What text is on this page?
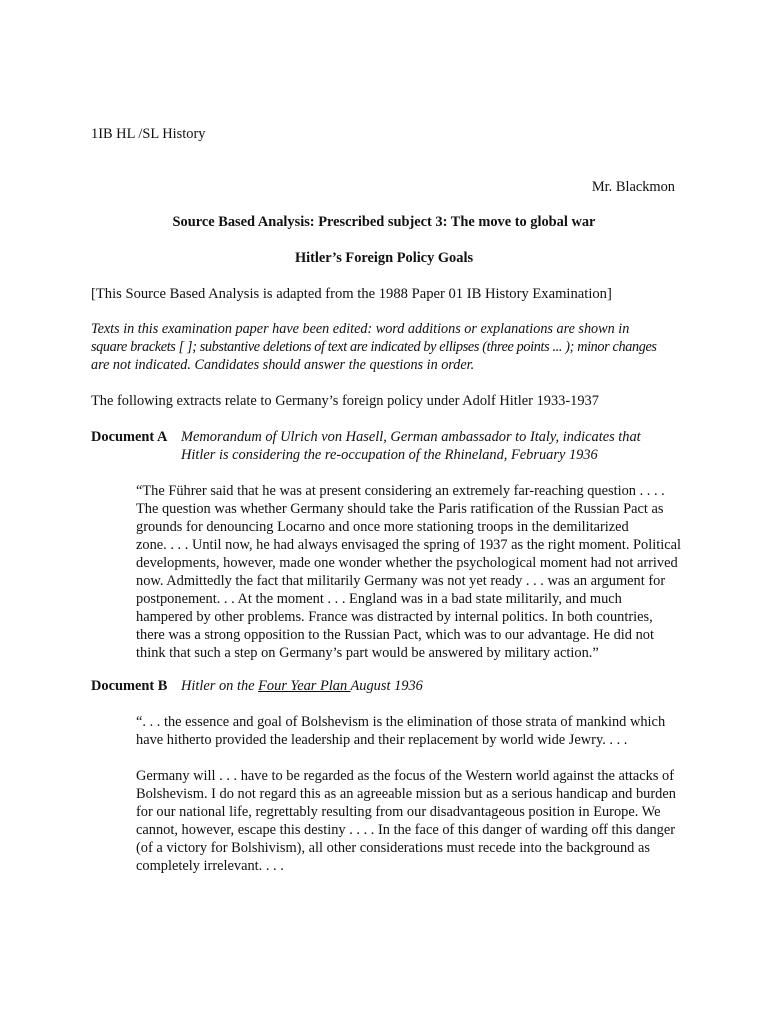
1IB HL /SL History
Mr. Blackmon
Source Based Analysis: Prescribed subject 3: The move to global war
Hitler’s Foreign Policy Goals
[This Source Based Analysis is adapted from the 1988 Paper 01 IB History Examination]
Texts in this examination paper have been edited: word additions or explanations are shown in
square brackets [ ]; substantive deletions of text are indicated by ellipses (three points ... ); minor changes
are not indicated. Candidates should answer the questions in order.
The following extracts relate to Germany’s foreign policy under Adolf Hitler 1933-1937
Document A Memorandum of Ulrich von Hasell, German ambassador to Italy, indicates that
Hitler is considering the re-occupation of the Rhineland, February 1936
“The Führer said that he was at present considering an extremely far-reaching question . . . .
The question was whether Germany should take the Paris ratification of the Russian Pact as
grounds for denouncing Locarno and once more stationing troops in the demilitarized
zone. . . . Until now, he had always envisaged the spring of 1937 as the right moment. Political
developments, however, made one wonder whether the psychological moment had not arrived
now. Admittedly the fact that militarily Germany was not yet ready . . . was an argument for
postponement. . . At the moment . . . England was in a bad state militarily, and much
hampered by other problems. France was distracted by internal politics. In both countries,
there was a strong opposition to the Russian Pact, which was to our advantage. He did not
think that such a step on Germany’s part would be answered by military action.”
Document B Hitler on the Four Year Plan August 1936
“. . . the essence and goal of Bolshevism is the elimination of those strata of mankind which
have hitherto provided the leadership and their replacement by world wide Jewry. . . .
Germany will . . . have to be regarded as the focus of the Western world against the attacks of
Bolshevism. I do not regard this as an agreeable mission but as a serious handicap and burden
for our national life, regrettably resulting from our disadvantageous position in Europe. We
cannot, however, escape this destiny . . . . In the face of this danger of warding off this danger
(of a victory for Bolshivism), all other considerations must recede into the background as
completely irrelevant. . . .
